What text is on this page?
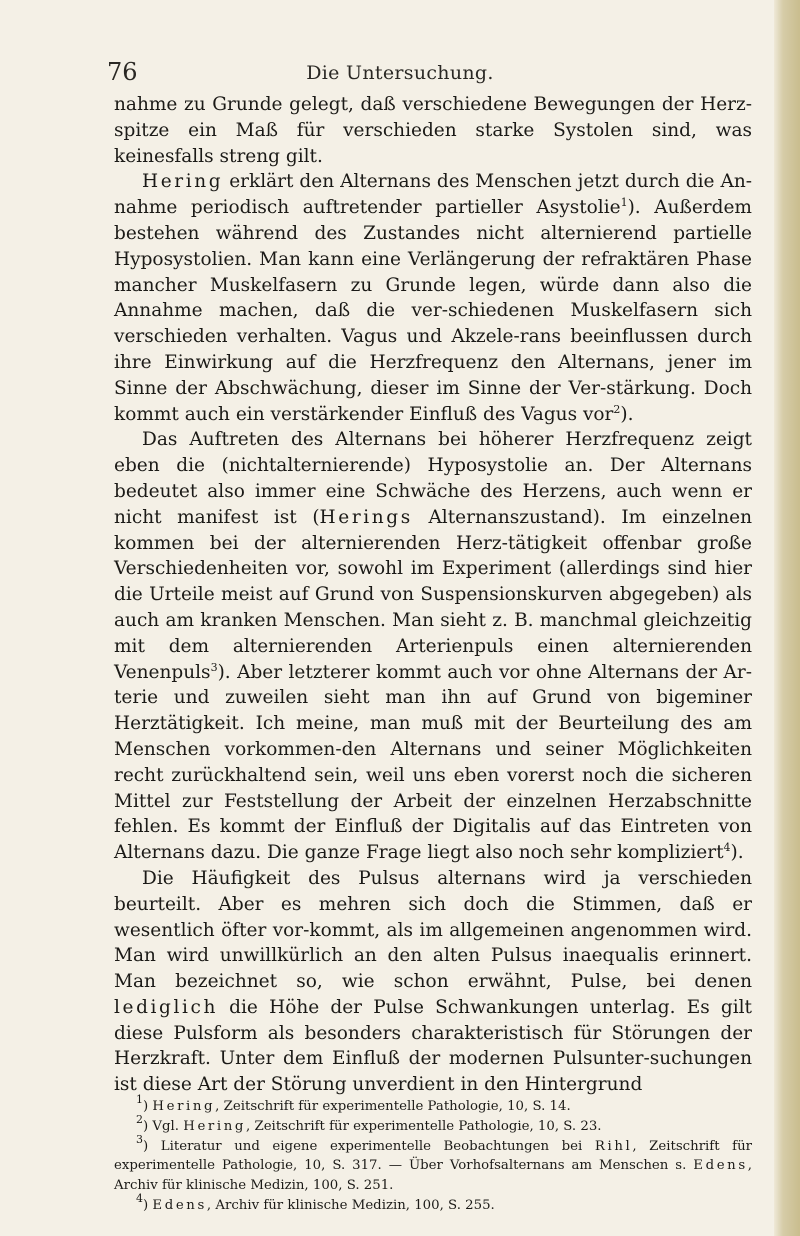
76	Die Untersuchung.

nahme zu Grunde gelegt, daß verschiedene Bewegungen der Herz-spitze ein Maß für verschieden starke Systolen sind, was keinesfalls streng gilt.

Hering erklärt den Alternans des Menschen jetzt durch die An-nahme periodisch auftretender partieller Asystolie$^1$). Außerdem bestehen während des Zustandes nicht alternierend partielle Hyposystolien. Man kann eine Verlängerung der refraktären Phase mancher Muskelfasern zu Grunde legen, würde dann also die Annahme machen, daß die ver-schiedenen Muskelfasern sich verschieden verhalten. Vagus und Akzele-rans beeinflussen durch ihre Einwirkung auf die Herzfrequenz den Alternans, jener im Sinne der Abschwächung, dieser im Sinne der Ver-stärkung. Doch kommt auch ein verstärkender Einfluß des Vagus vor$^2$).

Das Auftreten des Alternans bei höherer Herzfrequenz zeigt eben die (nichtalternierende) Hyposystolie an. Der Alternans bedeutet also immer eine Schwäche des Herzens, auch wenn er nicht manifest ist (Herings Alternanszustand). Im einzelnen kommen bei der alternierenden Herz-tätigkeit offenbar große Verschiedenheiten vor, sowohl im Experiment (allerdings sind hier die Urteile meist auf Grund von Suspensionskurven abgegeben) als auch am kranken Menschen. Man sieht z. B. manchmal gleichzeitig mit dem alternierenden Arterienpuls einen alternierenden Venenpuls$^3$). Aber letzterer kommt auch vor ohne Alternans der Ar-terie und zuweilen sieht man ihn auf Grund von bigeminer Herztätigkeit. Ich meine, man muß mit der Beurteilung des am Menschen vorkommen-den Alternans und seiner Möglichkeiten recht zurückhaltend sein, weil uns eben vorerst noch die sicheren Mittel zur Feststellung der Arbeit der einzelnen Herzabschnitte fehlen. Es kommt der Einfluß der Digitalis auf das Eintreten von Alternans dazu. Die ganze Frage liegt also noch sehr kompliziert$^4$).

Die Häufigkeit des Pulsus alternans wird ja verschieden beurteilt. Aber es mehren sich doch die Stimmen, daß er wesentlich öfter vor-kommt, als im allgemeinen angenommen wird. Man wird unwillkürlich an den alten Pulsus inaequalis erinnert. Man bezeichnet so, wie schon erwähnt, Pulse, bei denen lediglich die Höhe der Pulse Schwankungen unterlag. Es gilt diese Pulsform als besonders charakteristisch für Störungen der Herzkraft. Unter dem Einfluß der modernen Pulsunter-suchungen ist diese Art der Störung unverdient in den Hintergrund

$^1$) Hering, Zeitschrift für experimentelle Pathologie, 10, S. 14.

$^2$) Vgl. Hering, Zeitschrift für experimentelle Pathologie, 10, S. 23.

$^3$) Literatur und eigene experimentelle Beobachtungen bei Rihl, Zeitschrift für experimentelle Pathologie, 10, S. 317. — Über Vorhofsalternans am Menschen s. Edens, Archiv für klinische Medizin, 100, S. 251.

$^4$) Edens, Archiv für klinische Medizin, 100, S. 255.
